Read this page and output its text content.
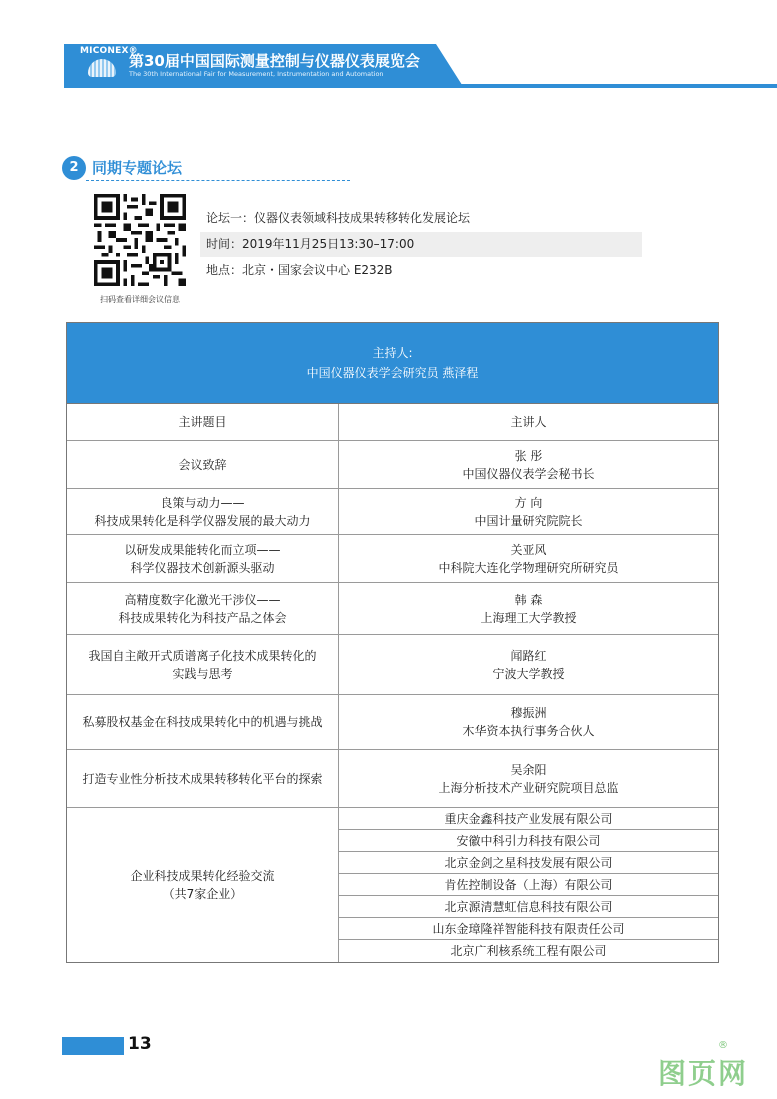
MICONEX®
第30届中国国际测量控制与仪器仪表展览会
The 30th International Fair for Measurement, Instrumentation and Automation
2 同期专题论坛
扫码查看详细会议信息
论坛一：仪器仪表领域科技成果转移转化发展论坛
时间：2019年11月25日13:30–17:00
地点：北京・国家会议中心 E232B
主持人:
中国仪器仪表学会研究员 燕泽程
主讲题目	主讲人
会议致辞
张 彤
中国仪器仪表学会秘书长
良策与动力——
科技成果转化是科学仪器发展的最大动力
方 向
中国计量研究院院长
以研发成果能转化而立项——
科学仪器技术创新源头驱动
关亚风
中科院大连化学物理研究所研究员
高精度数字化激光干涉仪——
科技成果转化为科技产品之体会
韩 森
上海理工大学教授
我国自主敞开式质谱离子化技术成果转化的
实践与思考
闻路红
宁波大学教授
私募股权基金在科技成果转化中的机遇与挑战
穆振洲
木华资本执行事务合伙人
打造专业性分析技术成果转移转化平台的探索
吴余阳
上海分析技术产业研究院项目总监
企业科技成果转化经验交流
（共7家企业）
重庆金鑫科技产业发展有限公司
安徽中科引力科技有限公司
北京金剑之星科技发展有限公司
肯佐控制设备（上海）有限公司
北京源清慧虹信息科技有限公司
山东金璋隆祥智能科技有限责任公司
北京广利核系统工程有限公司
13
图页网
®
